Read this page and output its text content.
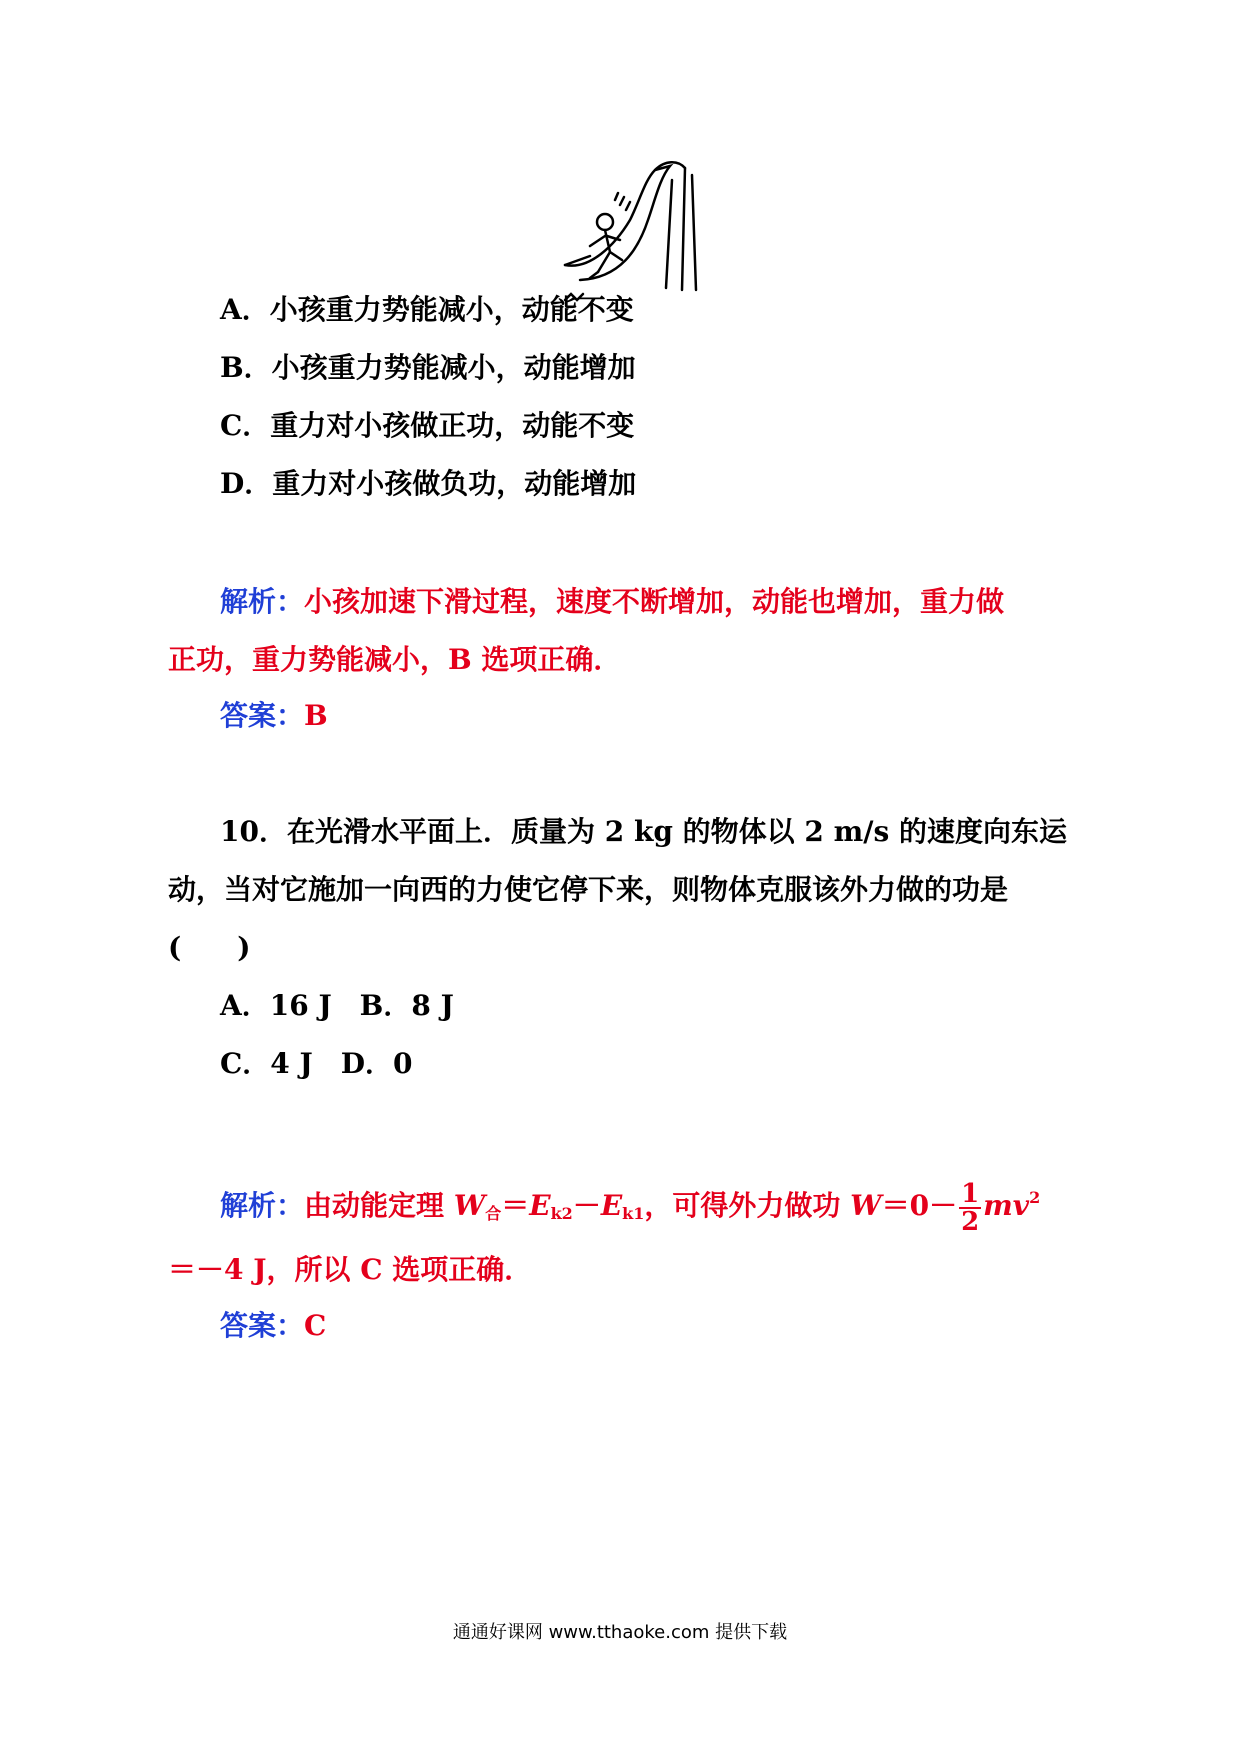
A．小孩重力势能减小，动能不变
B．小孩重力势能减小，动能增加
C．重力对小孩做正功，动能不变
D．重力对小孩做负功，动能增加
解析：小孩加速下滑过程，速度不断增加，动能也增加，重力做
正功，重力势能减小，B 选项正确．
答案：B
10．在光滑水平面上．质量为 2 kg 的物体以 2 m/s 的速度向东运
动，当对它施加一向西的力使它停下来，则物体克服该外力做的功是
(　　)
A．16 J　B．8 J
C．4 J　D．0
解析：由动能定理 $W_合=E_{k2}-E_{k1}$，可得外力做功 $W=0- \frac{1}{2} mv^2$
＝－4 J，所以 C 选项正确．
答案：C
通通好课网 www.tthaoke.com 提供下载
